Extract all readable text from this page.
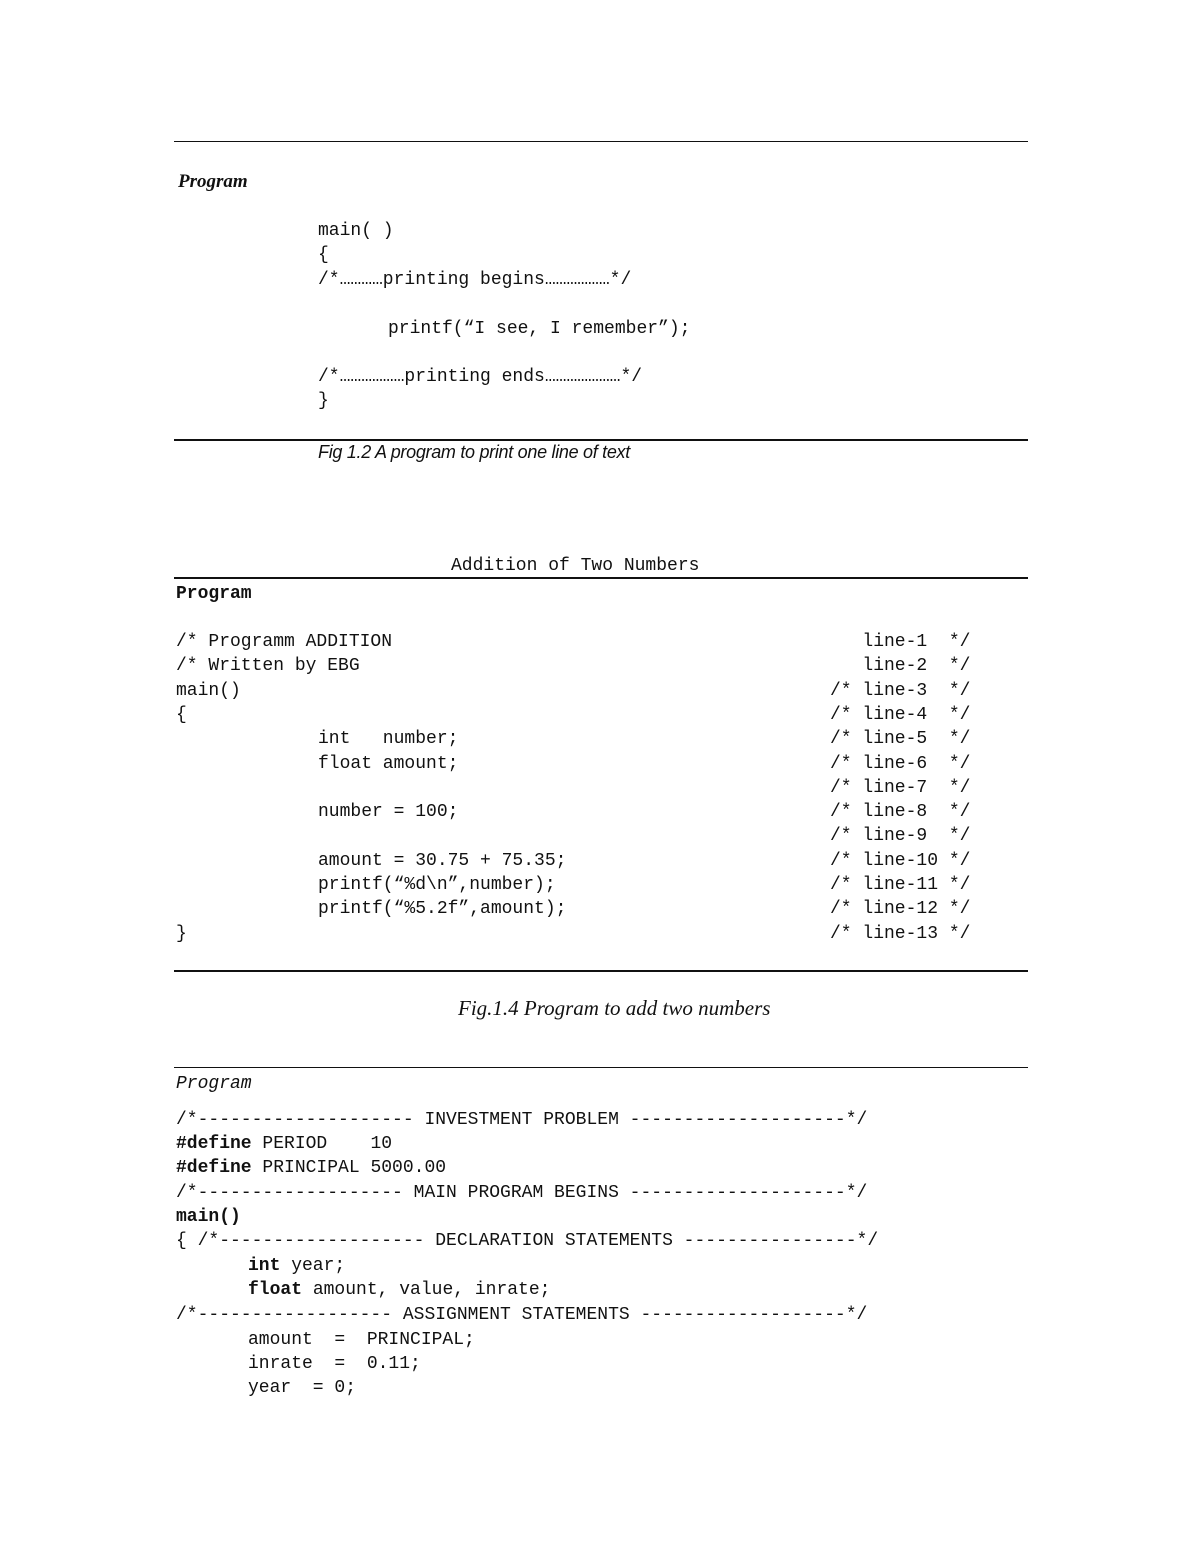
Program
main( )
{
/*…………printing begins………………*/
printf(“I see, I remember”);
/*………………printing ends…………………*/
}
Fig 1.2 A program to print one line of text
Addition of Two Numbers
Program
/* Programm ADDITION
/* Written by EBG
main()
{
int   number;
float amount;
number = 100;
amount = 30.75 + 75.35;
printf(“%d\n”,number);
printf(“%5.2f”,amount);
}
line-1  */
line-2  */
/* line-3  */
/* line-4  */
/* line-5  */
/* line-6  */
/* line-7  */
/* line-8  */
/* line-9  */
/* line-10 */
/* line-11 */
/* line-12 */
/* line-13 */
Fig.1.4 Program to add two numbers
Program
/*-------------------- INVESTMENT PROBLEM --------------------*/
#define PERIOD    10
#define PRINCIPAL 5000.00
/*------------------- MAIN PROGRAM BEGINS --------------------*/
main()
{ /*------------------- DECLARATION STATEMENTS ----------------*/
int year;
float amount, value, inrate;
/*------------------ ASSIGNMENT STATEMENTS -------------------*/
amount  =  PRINCIPAL;
inrate  =  0.11;
year  = 0;
